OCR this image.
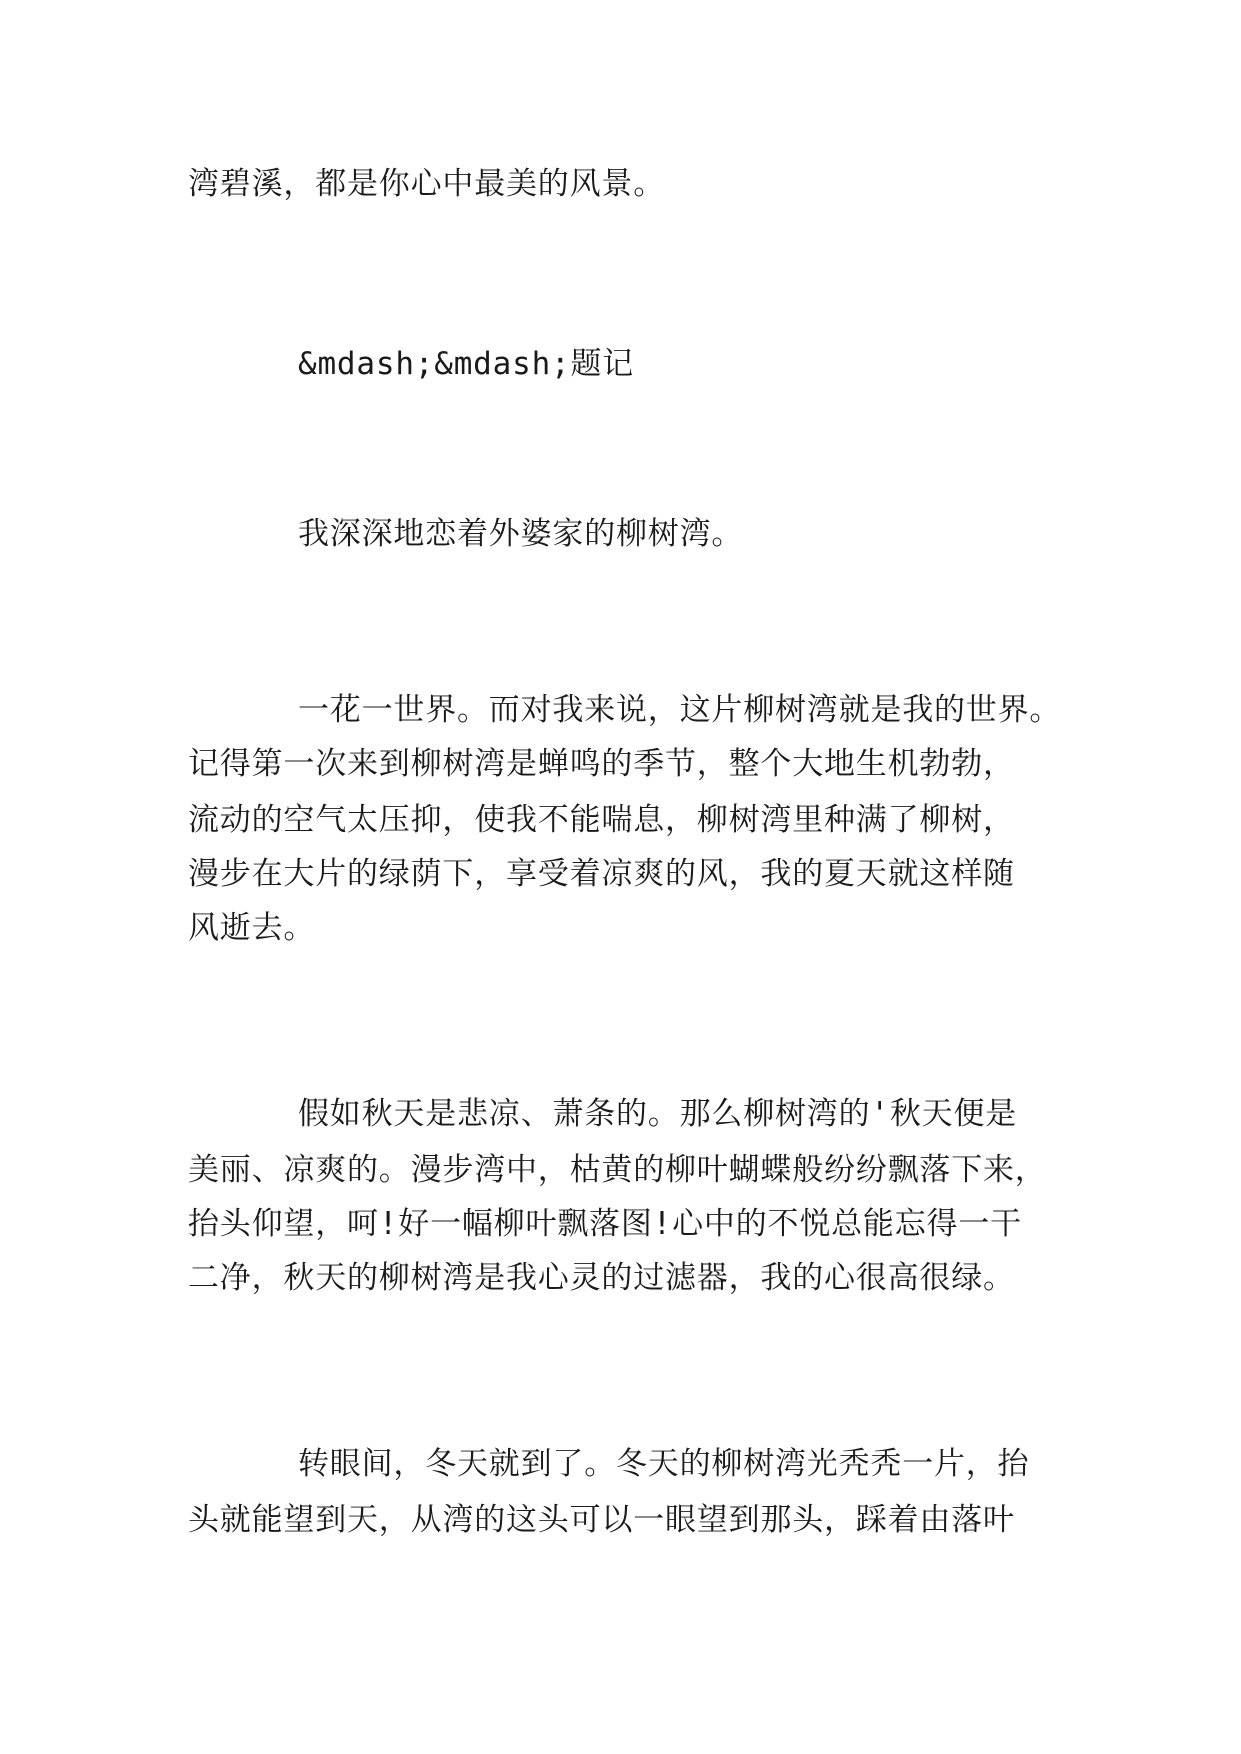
湾碧溪，都是你心中最美的风景。
&mdash;&mdash;题记
我深深地恋着外婆家的柳树湾。
一花一世界。而对我来说，这片柳树湾就是我的世界。
记得第一次来到柳树湾是蝉鸣的季节，整个大地生机勃勃，
流动的空气太压抑，使我不能喘息，柳树湾里种满了柳树，
漫步在大片的绿荫下，享受着凉爽的风，我的夏天就这样随
风逝去。
假如秋天是悲凉、萧条的。那么柳树湾的'秋天便是
美丽、凉爽的。漫步湾中，枯黄的柳叶蝴蝶般纷纷飘落下来，
抬头仰望，呵!好一幅柳叶飘落图!心中的不悦总能忘得一干
二净，秋天的柳树湾是我心灵的过滤器，我的心很高很绿。
转眼间，冬天就到了。冬天的柳树湾光秃秃一片，抬
头就能望到天，从湾的这头可以一眼望到那头，踩着由落叶
